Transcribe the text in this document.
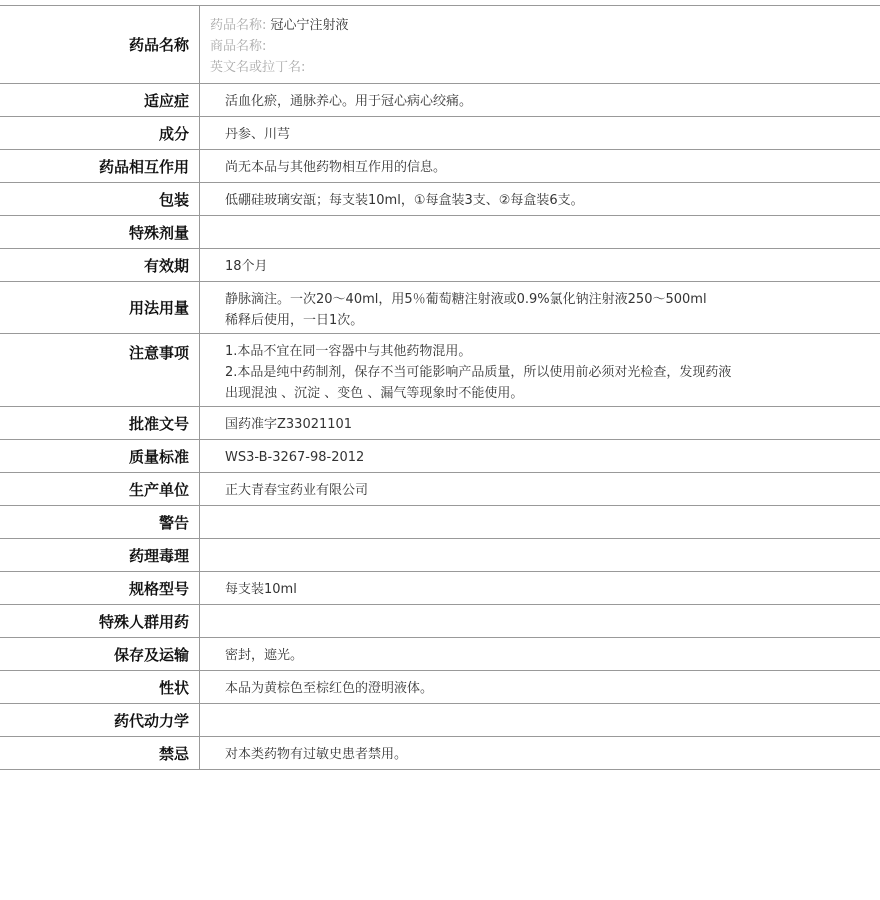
药品名称
药品名称: 冠心宁注射液
商品名称:
英文名或拉丁名:
适应症	活血化瘀，通脉养心。用于冠心病心绞痛。
成分	丹参、川芎
药品相互作用	尚无本品与其他药物相互作用的信息。
包装	低硼硅玻璃安瓿；每支装10ml，①每盒装3支、②每盒装6支。
特殊剂量
有效期	18个月
用法用量	静脉滴注。一次20～40ml，用5％葡萄糖注射液或0.9%氯化钠注射液250～500ml
稀释后使用，一日1次。
注意事项	1.本品不宜在同一容器中与其他药物混用。
2.本品是纯中药制剂，保存不当可能影响产品质量，所以使用前必须对光检查，发现药液
出现混浊 、沉淀 、变色 、漏气等现象时不能使用。
批准文号	国药准字Z33021101
质量标准	WS3-B-3267-98-2012
生产单位	正大青春宝药业有限公司
警告
药理毒理
规格型号	每支装10ml
特殊人群用药
保存及运输	密封，遮光。
性状	本品为黄棕色至棕红色的澄明液体。
药代动力学
禁忌	对本类药物有过敏史患者禁用。
